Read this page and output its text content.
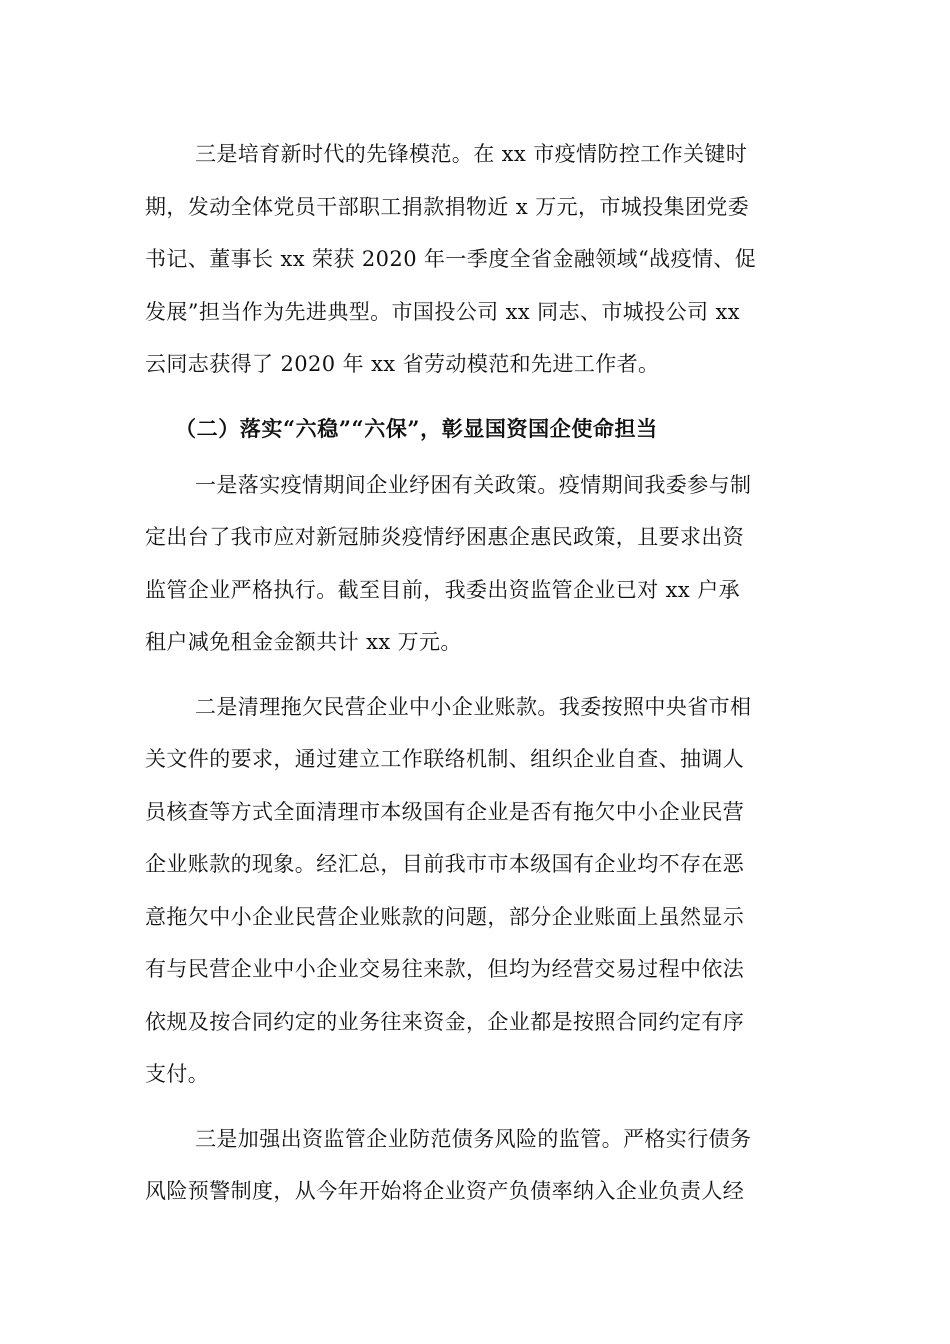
三是培育新时代的先锋模范。在 xx 市疫情防控工作关键时
期，发动全体党员干部职工捐款捐物近 x 万元，市城投集团党委
书记、董事长 xx 荣获 2020 年一季度全省金融领域“战疫情、促
发展”担当作为先进典型。市国投公司 xx 同志、市城投公司 xx
云同志获得了 2020 年 xx 省劳动模范和先进工作者。

（二）落实“六稳”“六保”，彰显国资国企使命担当

一是落实疫情期间企业纾困有关政策。疫情期间我委参与制
定出台了我市应对新冠肺炎疫情纾困惠企惠民政策，且要求出资
监管企业严格执行。截至目前，我委出资监管企业已对 xx 户承
租户减免租金金额共计 xx 万元。

二是清理拖欠民营企业中小企业账款。我委按照中央省市相
关文件的要求，通过建立工作联络机制、组织企业自查、抽调人
员核查等方式全面清理市本级国有企业是否有拖欠中小企业民营
企业账款的现象。经汇总，目前我市市本级国有企业均不存在恶
意拖欠中小企业民营企业账款的问题，部分企业账面上虽然显示
有与民营企业中小企业交易往来款，但均为经营交易过程中依法
依规及按合同约定的业务往来资金，企业都是按照合同约定有序
支付。

三是加强出资监管企业防范债务风险的监管。严格实行债务
风险预警制度，从今年开始将企业资产负债率纳入企业负责人经
